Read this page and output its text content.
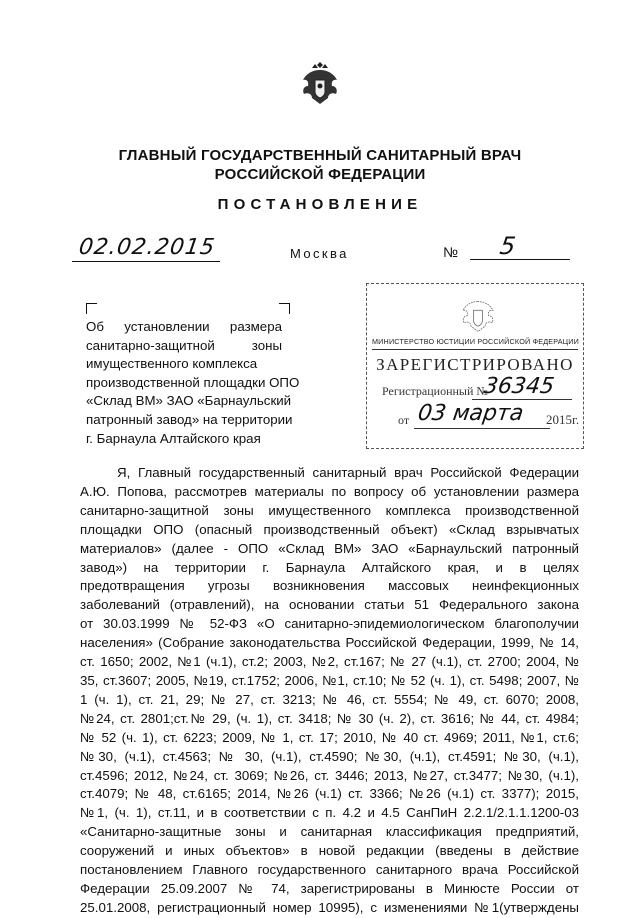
ГЛАВНЫЙ ГОСУДАРСТВЕННЫЙ САНИТАРНЫЙ ВРАЧ
РОССИЙСКОЙ ФЕДЕРАЦИИ
ПОСТАНОВЛЕНИЕ
02.02.2015	Москва	№ 5
Об установлении размера
санитарно-защитной зоны
имущественного комплекса
производственной площадки ОПО
«Склад ВМ» ЗАО «Барнаульский
патронный завод» на территории
г. Барнаула Алтайского края
МИНИСТЕРСТВО ЮСТИЦИИ РОССИЙСКОЙ ФЕДЕРАЦИИ
ЗАРЕГИСТРИРОВАНО
Регистрационный №
36345
от 03 марта 2015г.
Я, Главный государственный санитарный врач Российской Федерации
А.Ю. Попова, рассмотрев материалы по вопросу об установлении размера
санитарно-защитной зоны имущественного комплекса производственной
площадки ОПО (опасный производственный объект) «Склад взрывчатых
материалов» (далее - ОПО «Склад ВМ» ЗАО «Барнаульский патронный
завод») на территории г. Барнаула Алтайского края, и в целях
предотвращения угрозы возникновения массовых неинфекционных
заболеваний (отравлений), на основании статьи 51 Федерального закона
от 30.03.1999 № 52-ФЗ «О санитарно-эпидемиологическом благополучии
населения» (Собрание законодательства Российской Федерации, 1999, № 14,
ст. 1650; 2002, №1 (ч.1), ст.2; 2003, №2, ст.167; № 27 (ч.1), ст. 2700; 2004, №
35, ст.3607; 2005, №19, ст.1752; 2006, №1, ст.10; № 52 (ч. 1), ст. 5498; 2007, №
1 (ч. 1), ст. 21, 29; № 27, ст. 3213; № 46, ст. 5554; № 49, ст. 6070; 2008,
№24, ст. 2801;ст.№ 29, (ч. 1), ст. 3418; № 30 (ч. 2), ст. 3616; № 44, ст. 4984;
№ 52 (ч. 1), ст. 6223; 2009, № 1, ст. 17; 2010, № 40 ст. 4969; 2011, №1, ст.6;
№30, (ч.1), ст.4563; № 30, (ч.1), ст.4590; №30, (ч.1), ст.4591; №30, (ч.1),
ст.4596; 2012, №24, ст. 3069; №26, ст. 3446; 2013, №27, ст.3477; №30, (ч.1),
ст.4079; № 48, ст.6165; 2014, №26 (ч.1) ст. 3366; №26 (ч.1) ст. 3377); 2015,
№1, (ч. 1), ст.11, и в соответствии с п. 4.2 и 4.5 СанПиН 2.2.1/2.1.1.1200-03
«Санитарно-защитные зоны и санитарная классификация предприятий,
сооружений и иных объектов» в новой редакции (введены в действие
постановлением Главного государственного санитарного врача Российской
Федерации 25.09.2007 № 74, зарегистрированы в Минюсте России от
25.01.2008, регистрационный номер 10995), с изменениями №1(утверждены
